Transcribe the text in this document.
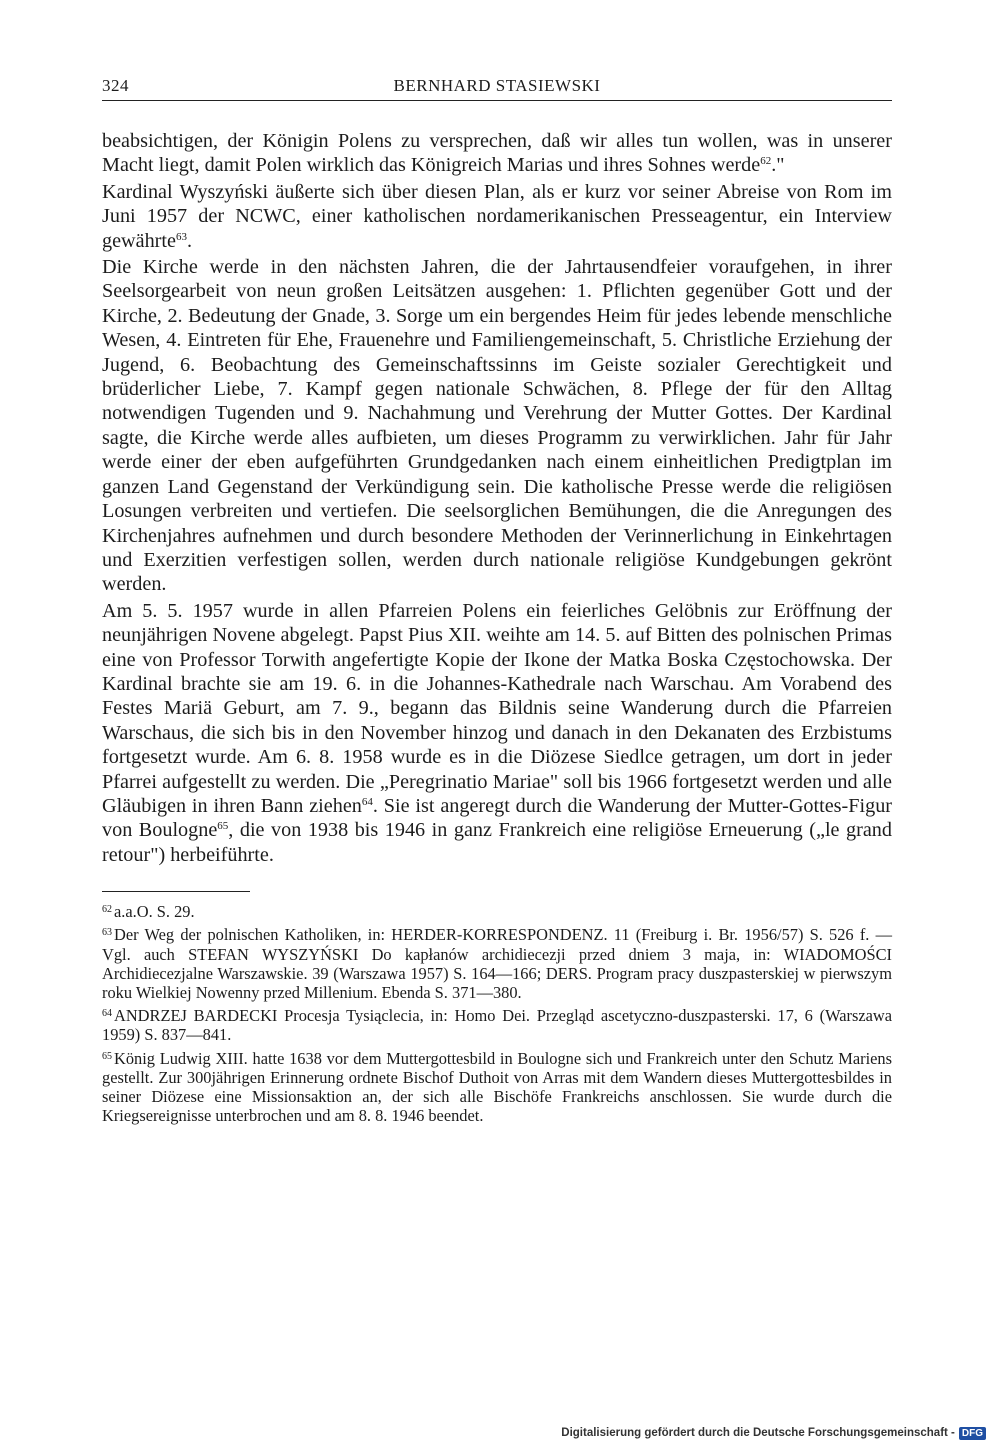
324	BERNHARD STASIEWSKI

beabsichtigen, der Königin Polens zu versprechen, daß wir alles tun wollen, was in unserer Macht liegt, damit Polen wirklich das Königreich Marias und ihres Sohnes werde$^{62}$."

Kardinal Wyszyński äußerte sich über diesen Plan, als er kurz vor seiner Abreise von Rom im Juni 1957 der NCWC, einer katholischen nordamerikanischen Presseagentur, ein Interview gewährte$^{63}$.

Die Kirche werde in den nächsten Jahren, die der Jahrtausendfeier voraufgehen, in ihrer Seelsorgearbeit von neun großen Leitsätzen ausgehen: 1. Pflichten gegenüber Gott und der Kirche, 2. Bedeutung der Gnade, 3. Sorge um ein bergendes Heim für jedes lebende menschliche Wesen, 4. Eintreten für Ehe, Frauenehre und Familiengemeinschaft, 5. Christliche Erziehung der Jugend, 6. Beobachtung des Gemeinschaftssinns im Geiste sozialer Gerechtigkeit und brüderlicher Liebe, 7. Kampf gegen nationale Schwächen, 8. Pflege der für den Alltag notwendigen Tugenden und 9. Nachahmung und Verehrung der Mutter Gottes. Der Kardinal sagte, die Kirche werde alles aufbieten, um dieses Programm zu verwirklichen. Jahr für Jahr werde einer der eben aufgeführten Grundgedanken nach einem einheitlichen Predigtplan im ganzen Land Gegenstand der Verkündigung sein. Die katholische Presse werde die religiösen Losungen verbreiten und vertiefen. Die seelsorglichen Bemühungen, die die Anregungen des Kirchenjahres aufnehmen und durch besondere Methoden der Verinnerlichung in Einkehrtagen und Exerzitien verfestigen sollen, werden durch nationale religiöse Kundgebungen gekrönt werden.

Am 5. 5. 1957 wurde in allen Pfarreien Polens ein feierliches Gelöbnis zur Eröffnung der neunjährigen Novene abgelegt. Papst Pius XII. weihte am 14. 5. auf Bitten des polnischen Primas eine von Professor Torwith angefertigte Kopie der Ikone der Matka Boska Częstochowska. Der Kardinal brachte sie am 19. 6. in die Johannes-Kathedrale nach Warschau. Am Vorabend des Festes Mariä Geburt, am 7. 9., begann das Bildnis seine Wanderung durch die Pfarreien Warschaus, die sich bis in den November hinzog und danach in den Dekanaten des Erzbistums fortgesetzt wurde. Am 6. 8. 1958 wurde es in die Diözese Siedlce getragen, um dort in jeder Pfarrei aufgestellt zu werden. Die „Peregrinatio Mariae" soll bis 1966 fortgesetzt werden und alle Gläubigen in ihren Bann ziehen$^{64}$. Sie ist angeregt durch die Wanderung der Mutter-Gottes-Figur von Boulogne$^{65}$, die von 1938 bis 1946 in ganz Frankreich eine religiöse Erneuerung („le grand retour") herbeiführte.

$^{62}$ a.a.O. S. 29.

$^{63}$ Der Weg der polnischen Katholiken, in: HERDER-KORRESPONDENZ. 11 (Freiburg i. Br. 1956/57) S. 526 f. — Vgl. auch STEFAN WYSZYŃSKI Do kapłanów archidiecezji przed dniem 3 maja, in: WIADOMOŚCI Archidiecezjalne Warszawskie. 39 (Warszawa 1957) S. 164—166; DERS. Program pracy duszpasterskiej w pierwszym roku Wielkiej Nowenny przed Millenium. Ebenda S. 371—380.

$^{64}$ ANDRZEJ BARDECKI Procesja Tysiąclecia, in: Homo Dei. Przegląd ascetyczno-duszpasterski. 17, 6 (Warszawa 1959) S. 837—841.

$^{65}$ König Ludwig XIII. hatte 1638 vor dem Muttergottesbild in Boulogne sich und Frankreich unter den Schutz Mariens gestellt. Zur 300jährigen Erinnerung ordnete Bischof Duthoit von Arras mit dem Wandern dieses Muttergottesbildes in seiner Diözese eine Missionsaktion an, der sich alle Bischöfe Frankreichs anschlossen. Sie wurde durch die Kriegsereignisse unterbrochen und am 8. 8. 1946 beendet.

Digitalisierung gefördert durch die Deutsche Forschungsgemeinschaft - DFG
